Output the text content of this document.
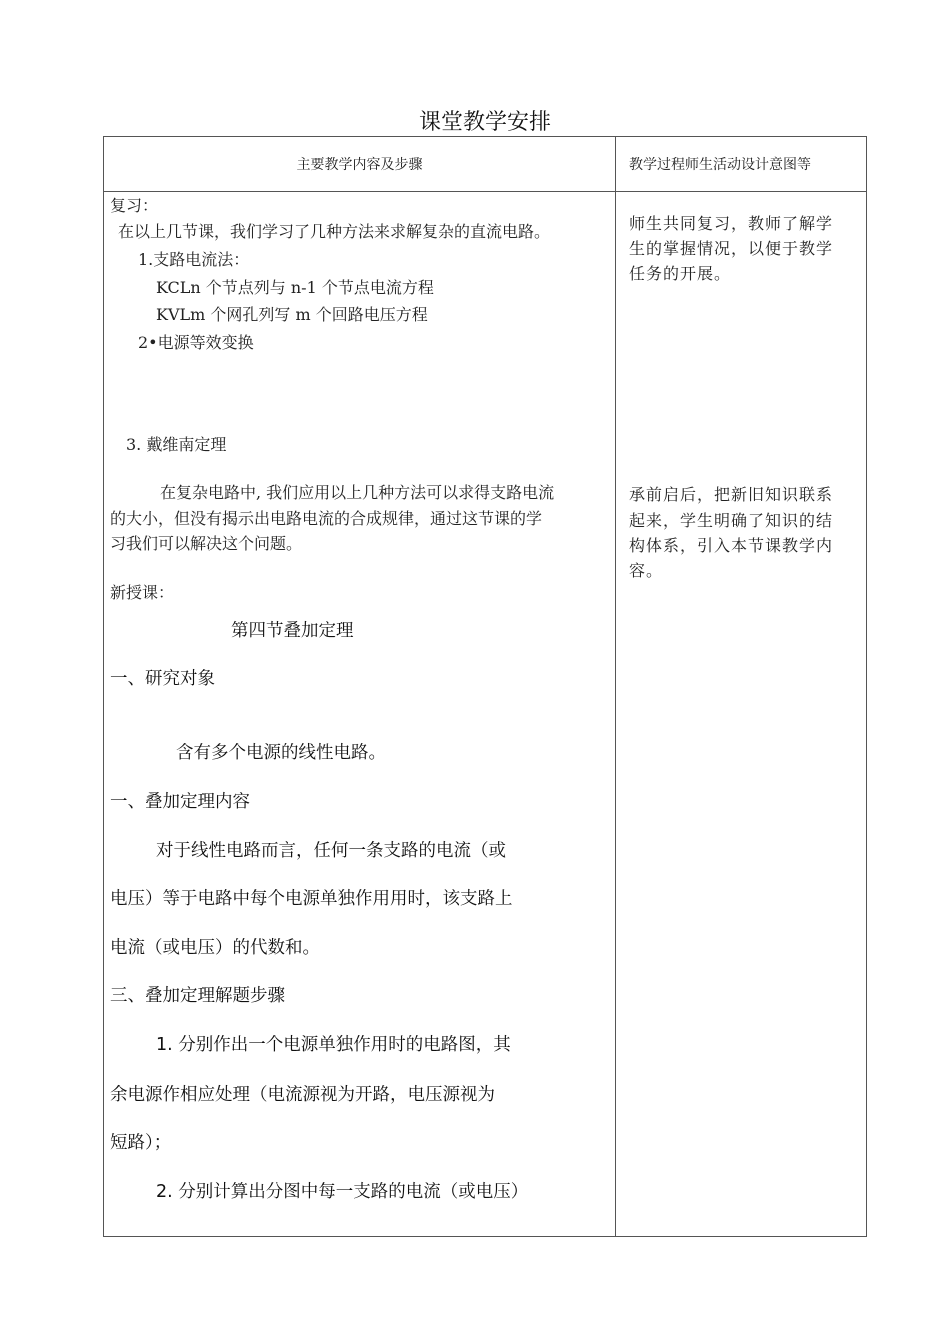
课堂教学安排
主要教学内容及步骤	教学过程师生活动设计意图等
复习：
在以上几节课，我们学习了几种方法来求解复杂的直流电路。
1.支路电流法：
KCLn 个节点列与 n-1 个节点电流方程
KVLm 个网孔列写 m 个回路电压方程
2•电源等效变换
3. 戴维南定理
在复杂电路中, 我们应用以上几种方法可以求得支路电流
的大小，但没有揭示出电路电流的合成规律，通过这节课的学
习我们可以解决这个问题。
新授课：
第四节叠加定理
一、研究对象
含有多个电源的线性电路。
一、叠加定理内容
对于线性电路而言，任何一条支路的电流（或
电压）等于电路中每个电源单独作用用时，该支路上
电流（或电压）的代数和。
三、叠加定理解题步骤
1. 分别作出一个电源单独作用时的电路图，其
余电源作相应处理（电流源视为开路，电压源视为
短路）；
2. 分别计算出分图中每一支路的电流（或电压）
师生共同复习，教师了解学
生的掌握情况，以便于教学
任务的开展。
承前启后，把新旧知识联系
起来，学生明确了知识的结
构体系，引入本节课教学内
容。
